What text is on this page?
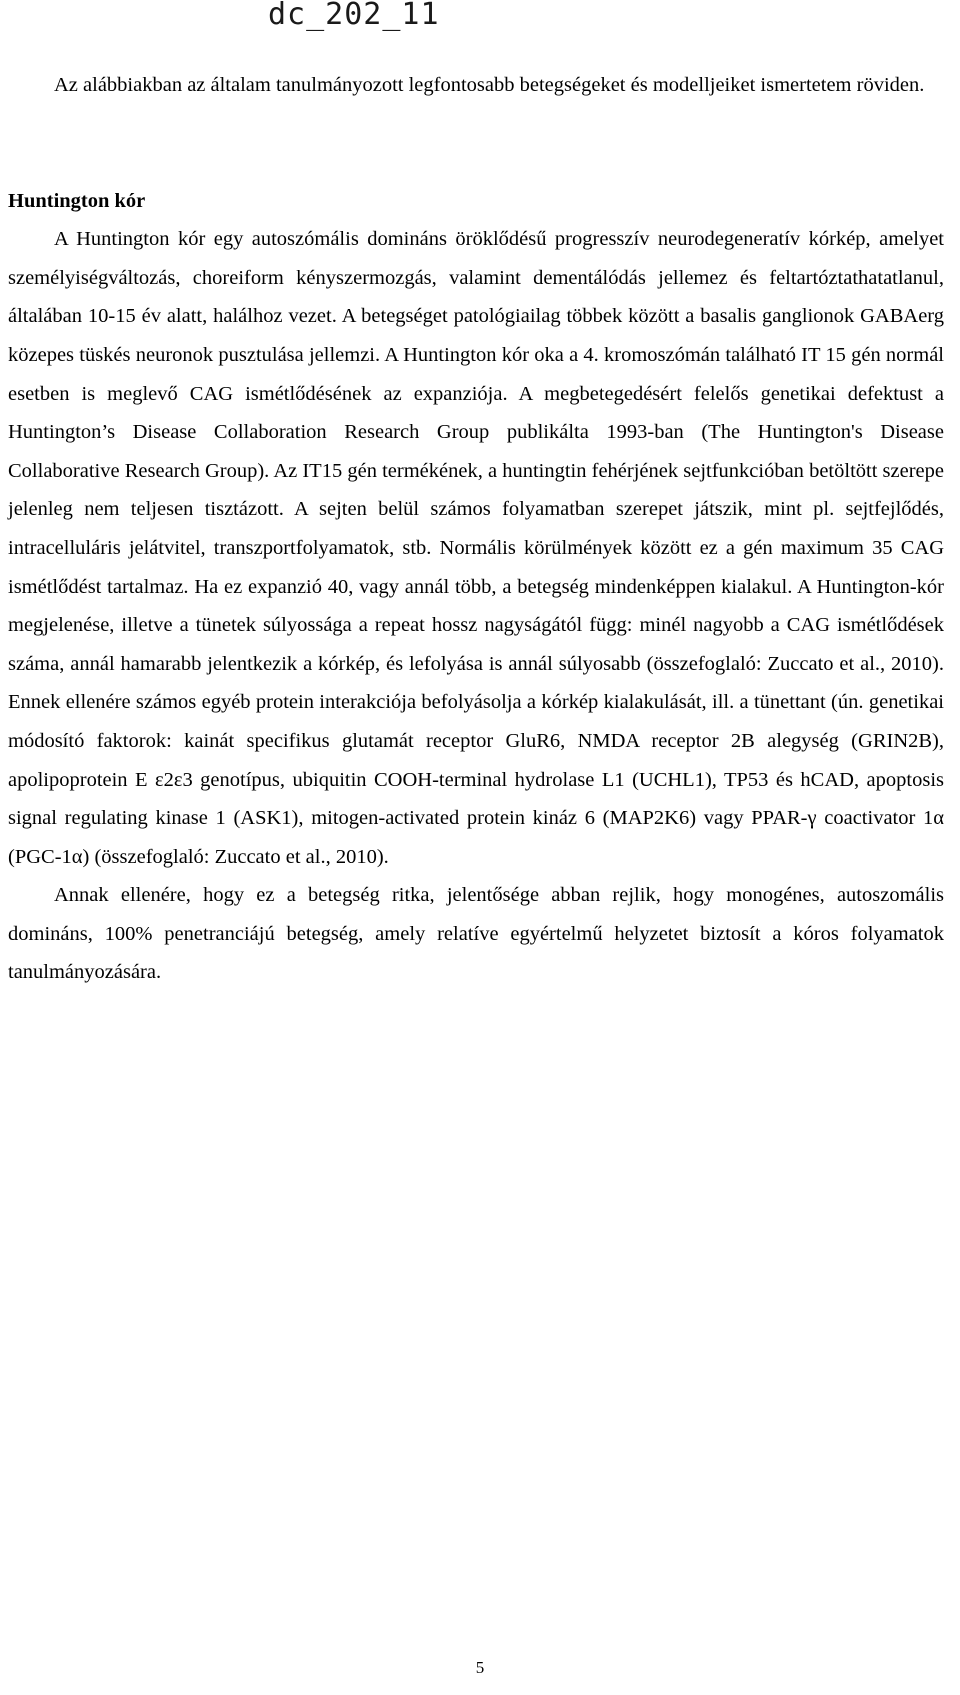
dc_202_11

Az alábbiakban az általam tanulmányozott legfontosabb betegségeket és modelljeiket ismertetem röviden.

Huntington kór

A Huntington kór egy autoszómális domináns öröklődésű progresszív neurodegeneratív kórkép, amelyet személyiségváltozás, choreiform kényszermozgás, valamint dementálódás jellemez és feltartóztathatatlanul, általában 10-15 év alatt, halálhoz vezet. A betegséget patológiailag többek között a basalis ganglionok GABAerg közepes tüskés neuronok pusztulása jellemzi. A Huntington kór oka a 4. kromoszómán található IT 15 gén normál esetben is meglevő CAG ismétlődésének az expanziója. A megbetegedésért felelős genetikai defektust a Huntington’s Disease Collaboration Research Group publikálta 1993-ban (The Huntington's Disease Collaborative Research Group). Az IT15 gén termékének, a huntingtin fehérjének sejtfunkcióban betöltött szerepe jelenleg nem teljesen tisztázott. A sejten belül számos folyamatban szerepet játszik, mint pl. sejtfejlődés, intracelluláris jelátvitel, transzportfolyamatok, stb. Normális körülmények között ez a gén maximum 35 CAG ismétlődést tartalmaz. Ha ez expanzió 40, vagy annál több, a betegség mindenképpen kialakul. A Huntington-kór megjelenése, illetve a tünetek súlyossága a repeat hossz nagyságától függ: minél nagyobb a CAG ismétlődések száma, annál hamarabb jelentkezik a kórkép, és lefolyása is annál súlyosabb (összefoglaló: Zuccato et al., 2010). Ennek ellenére számos egyéb protein interakciója befolyásolja a kórkép kialakulását, ill. a tünettant (ún. genetikai módosító faktorok: kainát specifikus glutamát receptor GluR6, NMDA receptor 2B alegység (GRIN2B), apolipoprotein E ε2ε3 genotípus, ubiquitin COOH-terminal hydrolase L1 (UCHL1), TP53 és hCAD, apoptosis signal regulating kinase 1 (ASK1), mitogen-activated protein kináz 6 (MAP2K6) vagy PPAR-γ coactivator 1α (PGC-1α) (összefoglaló: Zuccato et al., 2010).

Annak ellenére, hogy ez a betegség ritka, jelentősége abban rejlik, hogy monogénes, autoszomális domináns, 100% penetranciájú betegség, amely relatíve egyértelmű helyzetet biztosít a kóros folyamatok tanulmányozására.

5
